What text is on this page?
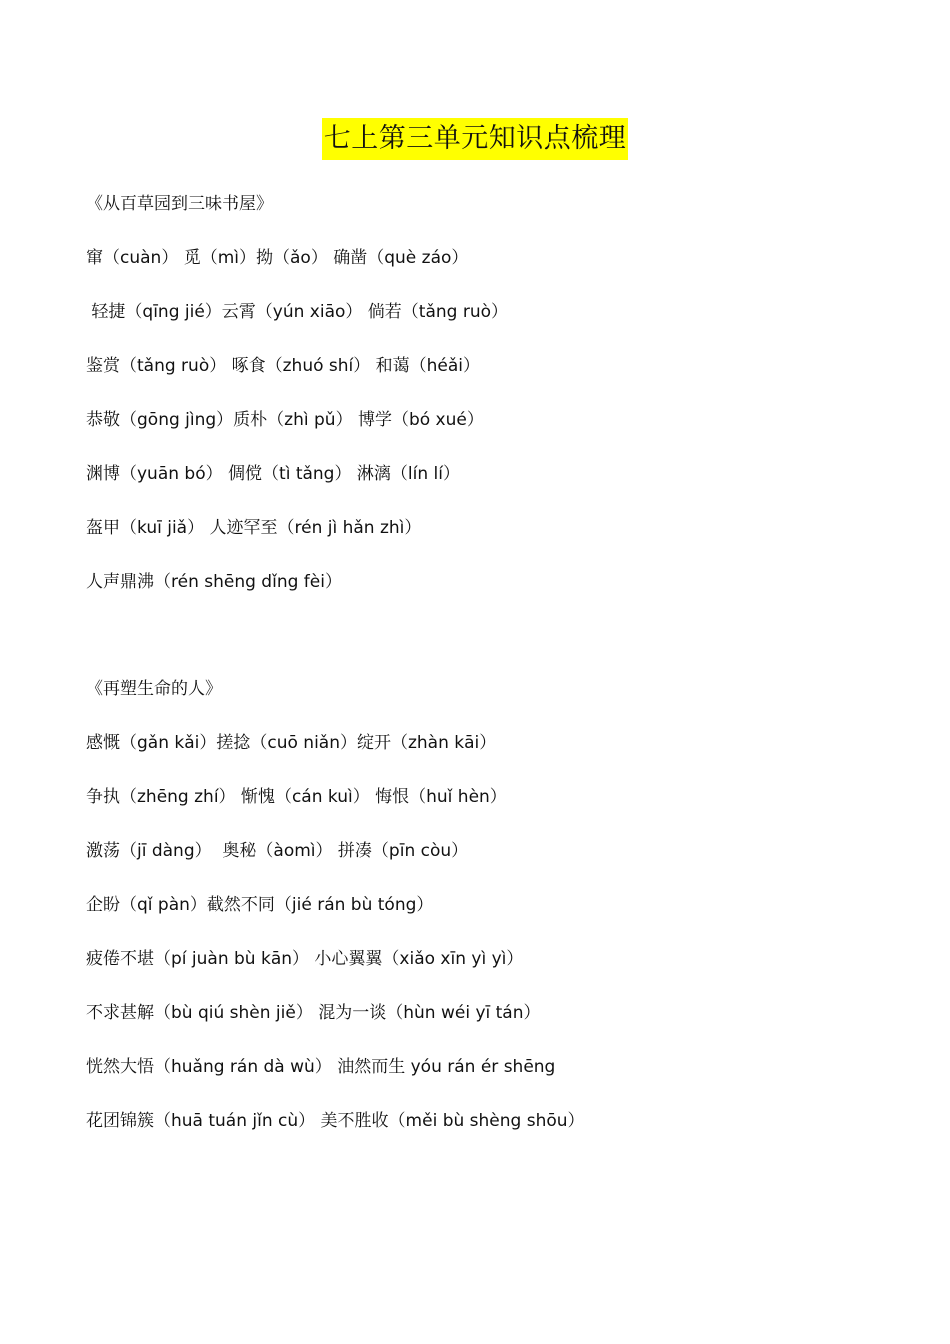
七上第三单元知识点梳理
《从百草园到三味书屋》
窜（cuàn） 觅（mì）拗（ǎo） 确凿（què záo）
轻捷（qīng jié）云霄（yún xiāo） 倘若（tǎng ruò）
鉴赏（tǎng ruò） 啄食（zhuó shí） 和蔼（héǎi）
恭敬（gōng jìng）质朴（zhì pǔ） 博学（bó xué）
渊博（yuān bó） 倜傥（tì tǎng） 淋漓（lín lí）
盔甲（kuī jiǎ） 人迹罕至（rén jì hǎn zhì）
人声鼎沸（rén shēng dǐng fèi）
《再塑生命的人》
感慨（gǎn kǎi）搓捻（cuō niǎn）绽开（zhàn kāi）
争执（zhēng zhí） 惭愧（cán kuì） 悔恨（huǐ hèn）
激荡（jī dàng）  奥秘（àomì） 拼凑（pīn còu）
企盼（qǐ pàn）截然不同（jié rán bù tóng）
疲倦不堪（pí juàn bù kān） 小心翼翼（xiǎo xīn yì yì）
不求甚解（bù qiú shèn jiě） 混为一谈（hùn wéi yī tán）
恍然大悟（huǎng rán dà wù） 油然而生 yóu rán ér shēng
花团锦簇（huā tuán jǐn cù） 美不胜收（měi bù shèng shōu）
